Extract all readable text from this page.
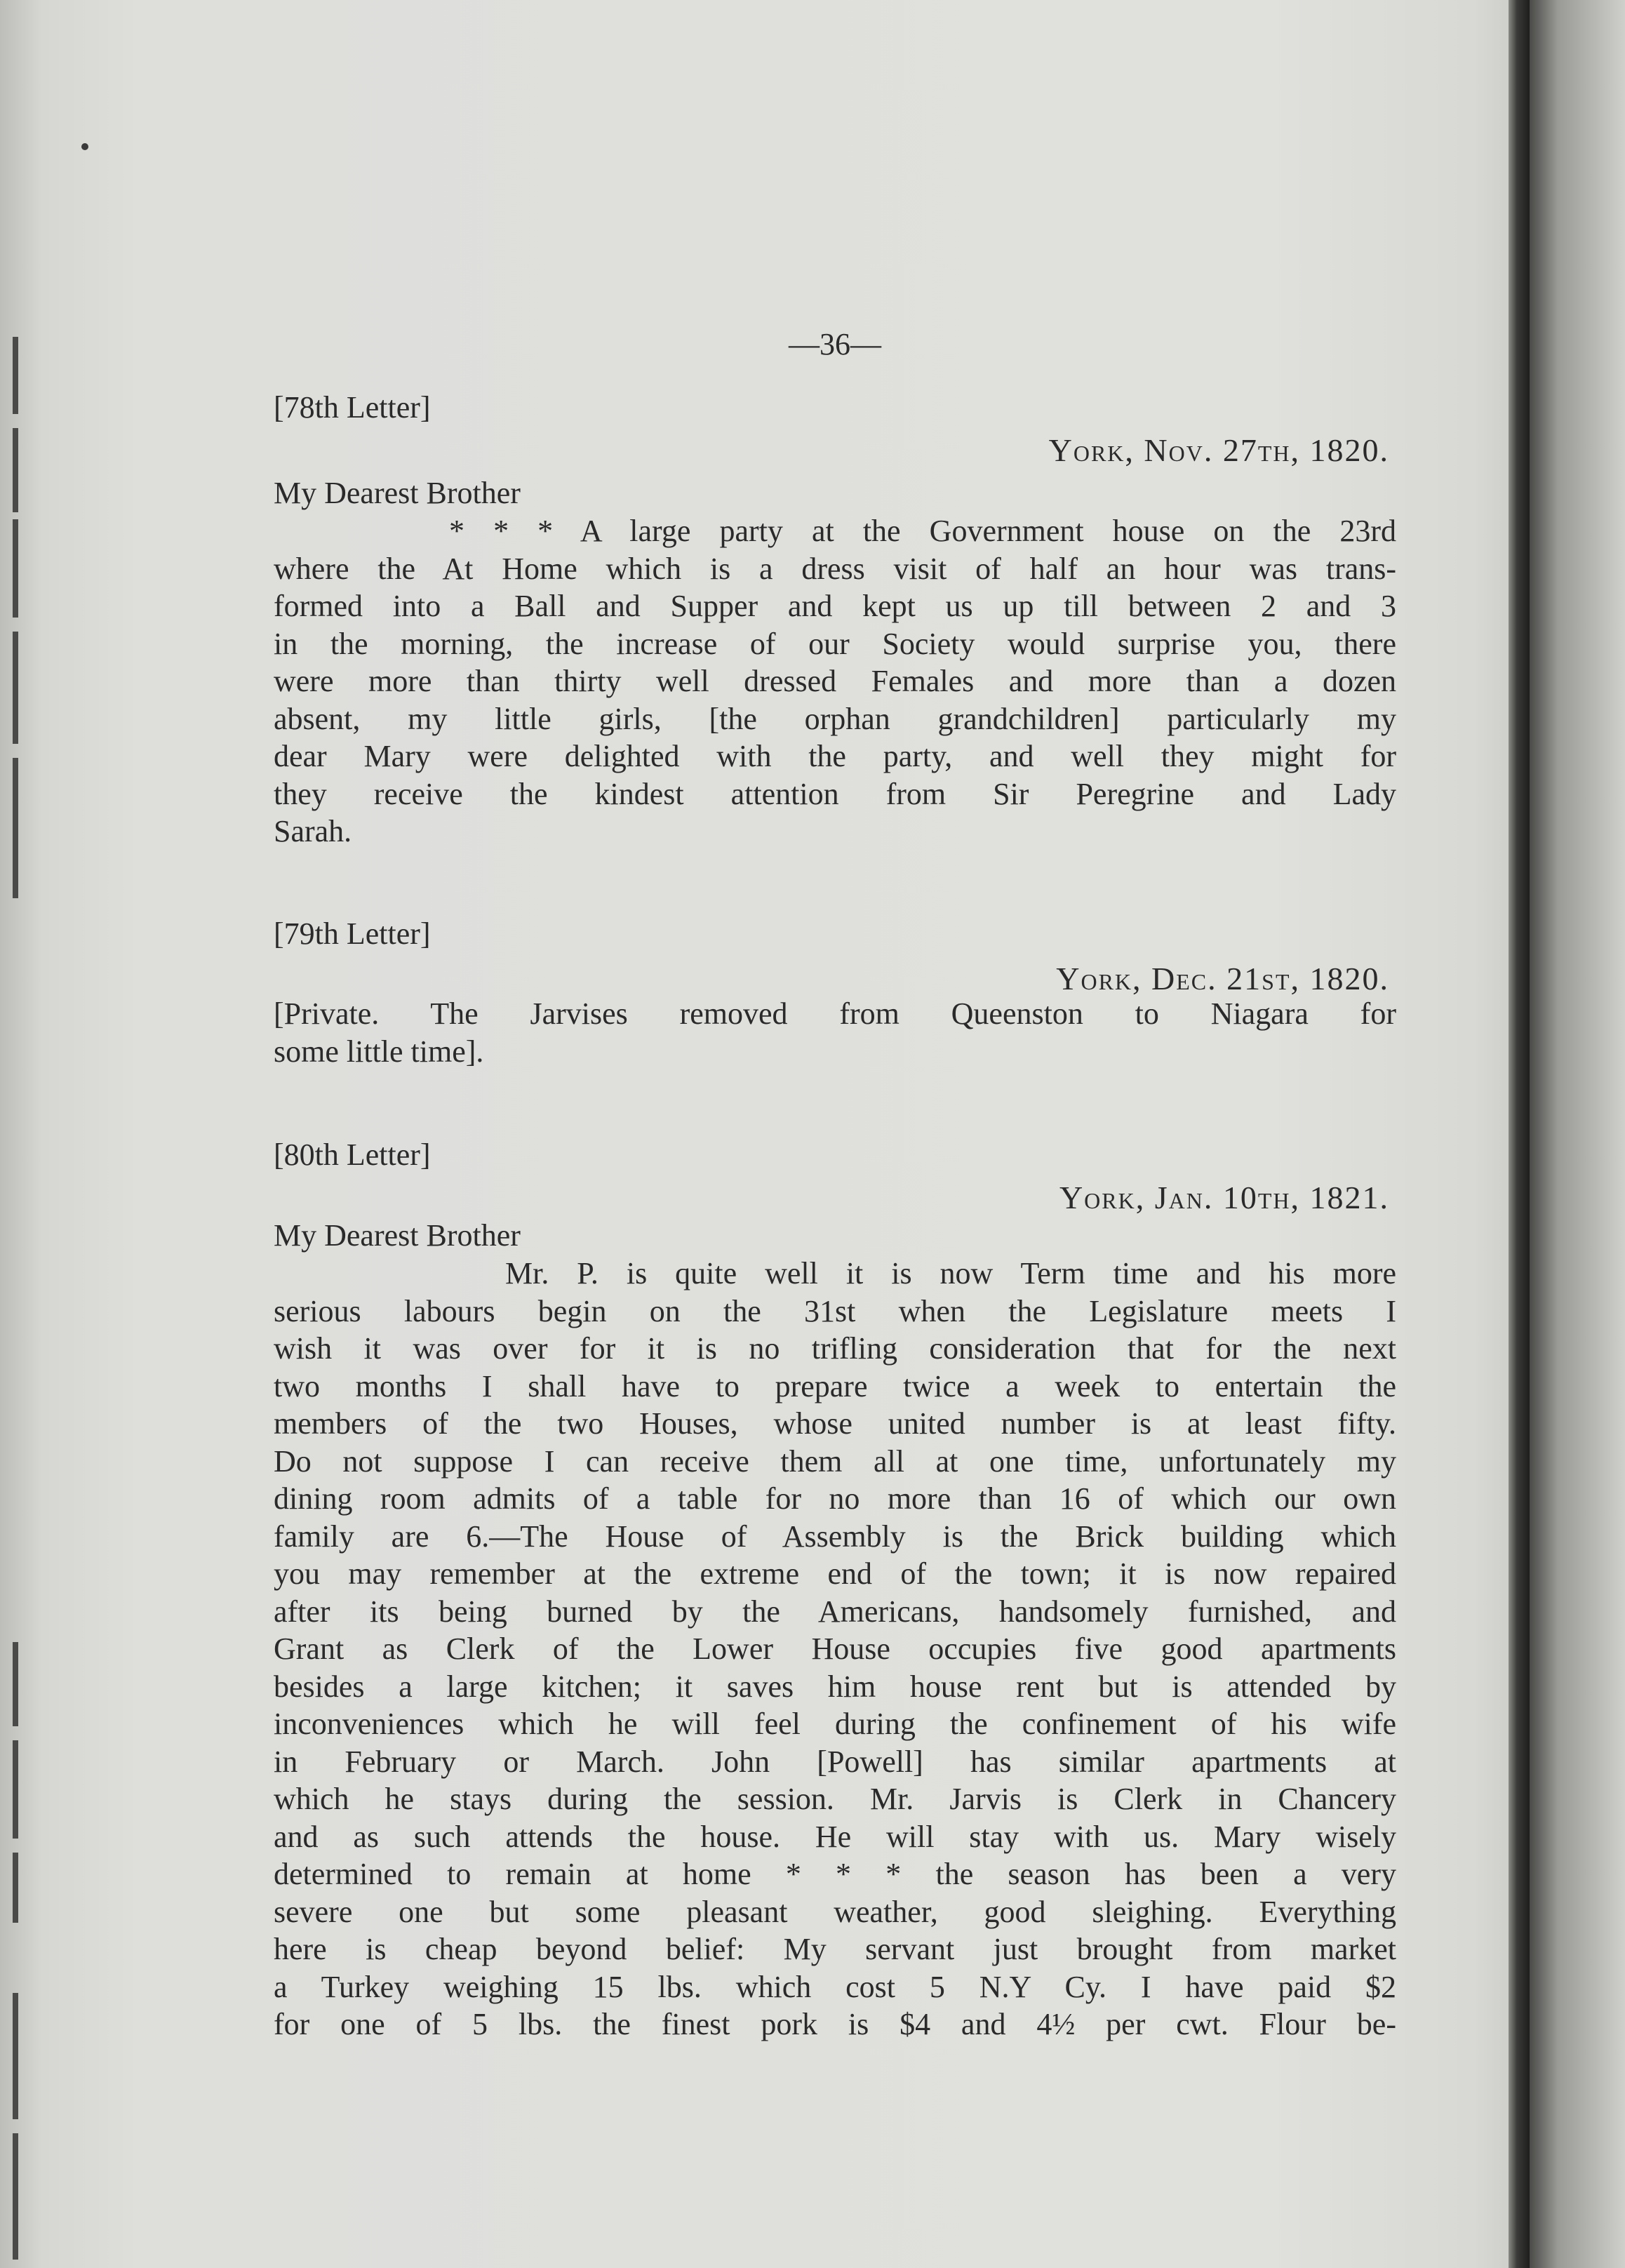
—36—
[78th Letter]
York, Nov. 27th, 1820.
My Dearest Brother
* * * A large party at the Government house on the 23rd
where the At Home which is a dress visit of half an hour was trans-
formed into a Ball and Supper and kept us up till between 2 and 3
in the morning, the increase of our Society would surprise you, there
were more than thirty well dressed Females and more than a dozen
absent, my little girls, [the orphan grandchildren] particularly my
dear Mary were delighted with the party, and well they might for
they receive the kindest attention from Sir Peregrine and Lady
Sarah.
[79th Letter]
York, Dec. 21st, 1820.
[Private. The Jarvises removed from Queenston to Niagara for
some little time].
[80th Letter]
York, Jan. 10th, 1821.
My Dearest Brother
Mr. P. is quite well it is now Term time and his more
serious labours begin on the 31st when the Legislature meets I
wish it was over for it is no trifling consideration that for the next
two months I shall have to prepare twice a week to entertain the
members of the two Houses, whose united number is at least fifty.
Do not suppose I can receive them all at one time, unfortunately my
dining room admits of a table for no more than 16 of which our own
family are 6.—The House of Assembly is the Brick building which
you may remember at the extreme end of the town; it is now repaired
after its being burned by the Americans, handsomely furnished, and
Grant as Clerk of the Lower House occupies five good apartments
besides a large kitchen; it saves him house rent but is attended by
inconveniences which he will feel during the confinement of his wife
in February or March. John [Powell] has similar apartments at
which he stays during the session. Mr. Jarvis is Clerk in Chancery
and as such attends the house. He will stay with us. Mary wisely
determined to remain at home * * * the season has been a very
severe one but some pleasant weather, good sleighing. Everything
here is cheap beyond belief: My servant just brought from market
a Turkey weighing 15 lbs. which cost 5 N.Y Cy. I have paid $2
for one of 5 lbs. the finest pork is $4 and 4½ per cwt. Flour be-
